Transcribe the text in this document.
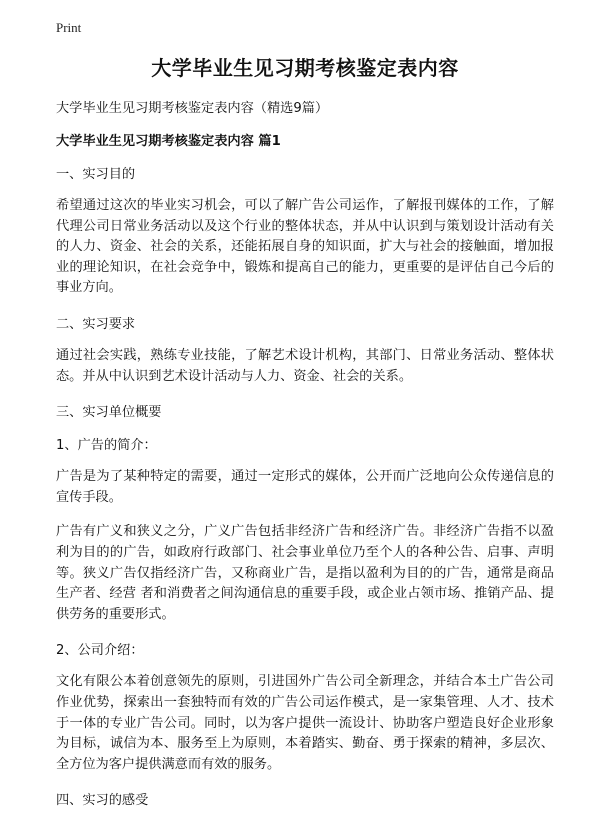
Print
大学毕业生见习期考核鉴定表内容

大学毕业生见习期考核鉴定表内容（精选9篇）

大学毕业生见习期考核鉴定表内容 篇1

一、实习目的

希望通过这次的毕业实习机会，可以了解广告公司运作，了解报刊媒体的工作，了解代理公司日常业务活动以及这个行业的整体状态，并从中认识到与策划设计活动有关的人力、资金、社会的关系，还能拓展自身的知识面，扩大与社会的接触面，增加报业的理论知识，在社会竞争中，锻炼和提高自己的能力，更重要的是评估自己今后的事业方向。

二、实习要求

通过社会实践，熟练专业技能，了解艺术设计机构，其部门、日常业务活动、整体状态。并从中认识到艺术设计活动与人力、资金、社会的关系。

三、实习单位概要

1、广告的简介：

广告是为了某种特定的需要，通过一定形式的媒体，公开而广泛地向公众传递信息的宣传手段。

广告有广义和狭义之分，广义广告包括非经济广告和经济广告。非经济广告指不以盈利为目的的广告，如政府行政部门、社会事业单位乃至个人的各种公告、启事、声明等。狭义广告仅指经济广告，又称商业广告，是指以盈利为目的的广告，通常是商品生产者、经营 者和消费者之间沟通信息的重要手段，或企业占领市场、推销产品、提供劳务的重要形式。

2、公司介绍：

文化有限公本着创意领先的原则，引进国外广告公司全新理念，并结合本土广告公司作业优势，探索出一套独特而有效的广告公司运作模式，是一家集管理、人才、技术于一体的专业广告公司。同时，以为客户提供一流设计、协助客户塑造良好企业形象为目标，诚信为本、服务至上为原则，本着踏实、勤奋、勇于探索的精神，多层次、全方位为客户提供满意而有效的服务。

四、实习的感受
